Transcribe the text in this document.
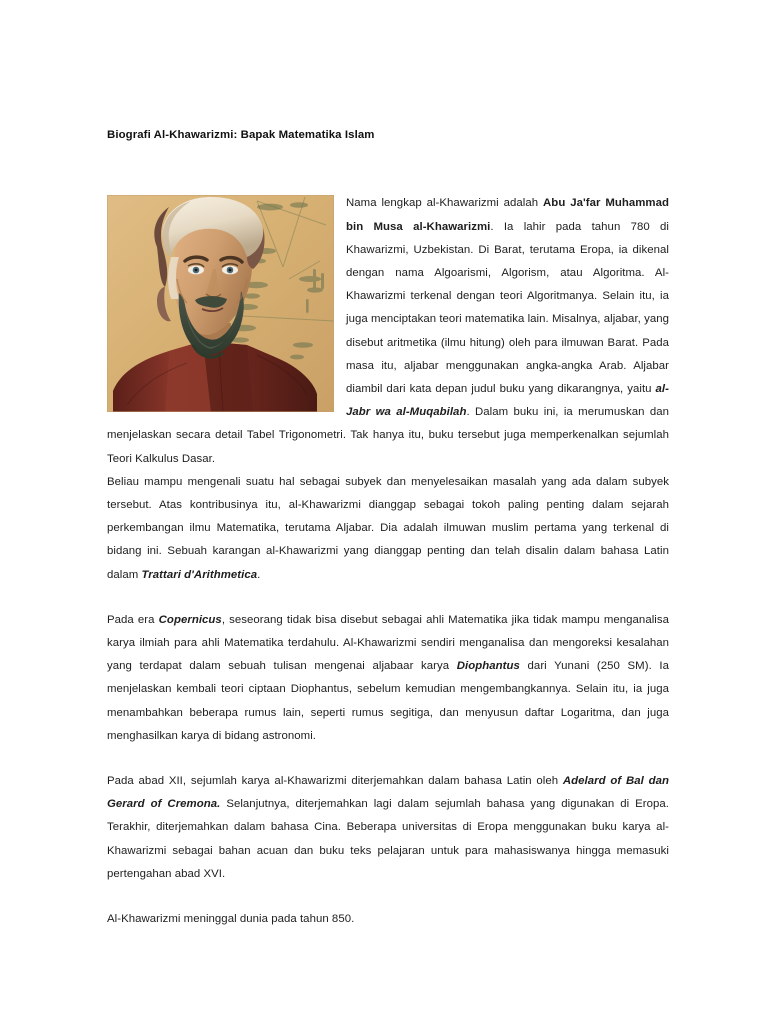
Biografi Al-Khawarizmi: Bapak Matematika Islam

Nama lengkap al-Khawarizmi adalah Abu Ja'far Muhammad bin Musa al-Khawarizmi. Ia lahir pada tahun 780 di Khawarizmi, Uzbekistan. Di Barat, terutama Eropa, ia dikenal dengan nama Algoarismi, Algorism, atau Algoritma. Al-Khawarizmi terkenal dengan teori Algoritmanya. Selain itu, ia juga menciptakan teori matematika lain. Misalnya, aljabar, yang disebut aritmetika (ilmu hitung) oleh para ilmuwan Barat. Pada masa itu, aljabar menggunakan angka-angka Arab. Aljabar diambil dari kata depan judul buku yang dikarangnya, yaitu al-Jabr wa al-Muqabilah. Dalam buku ini, ia merumuskan dan menjelaskan secara detail Tabel Trigonometri. Tak hanya itu, buku tersebut juga memperkenalkan sejumlah Teori Kalkulus Dasar.

Beliau mampu mengenali suatu hal sebagai subyek dan menyelesaikan masalah yang ada dalam subyek tersebut. Atas kontribusinya itu, al-Khawarizmi dianggap sebagai tokoh paling penting dalam sejarah perkembangan ilmu Matematika, terutama Aljabar. Dia adalah ilmuwan muslim pertama yang terkenal di bidang ini. Sebuah karangan al-Khawarizmi yang dianggap penting dan telah disalin dalam bahasa Latin dalam Trattari d'Arithmetica.

Pada era Copernicus, seseorang tidak bisa disebut sebagai ahli Matematika jika tidak mampu menganalisa karya ilmiah para ahli Matematika terdahulu. Al-Khawarizmi sendiri menganalisa dan mengoreksi kesalahan yang terdapat dalam sebuah tulisan mengenai aljabaar karya Diophantus dari Yunani (250 SM). Ia menjelaskan kembali teori ciptaan Diophantus, sebelum kemudian mengembangkannya. Selain itu, ia juga menambahkan beberapa rumus lain, seperti rumus segitiga, dan menyusun daftar Logaritma, dan juga menghasilkan karya di bidang astronomi.

Pada abad XII, sejumlah karya al-Khawarizmi diterjemahkan dalam bahasa Latin oleh Adelard of Bal dan Gerard of Cremona. Selanjutnya, diterjemahkan lagi dalam sejumlah bahasa yang digunakan di Eropa. Terakhir, diterjemahkan dalam bahasa Cina. Beberapa universitas di Eropa menggunakan buku karya al-Khawarizmi sebagai bahan acuan dan buku teks pelajaran untuk para mahasiswanya hingga memasuki pertengahan abad XVI.

Al-Khawarizmi meninggal dunia pada tahun 850.
